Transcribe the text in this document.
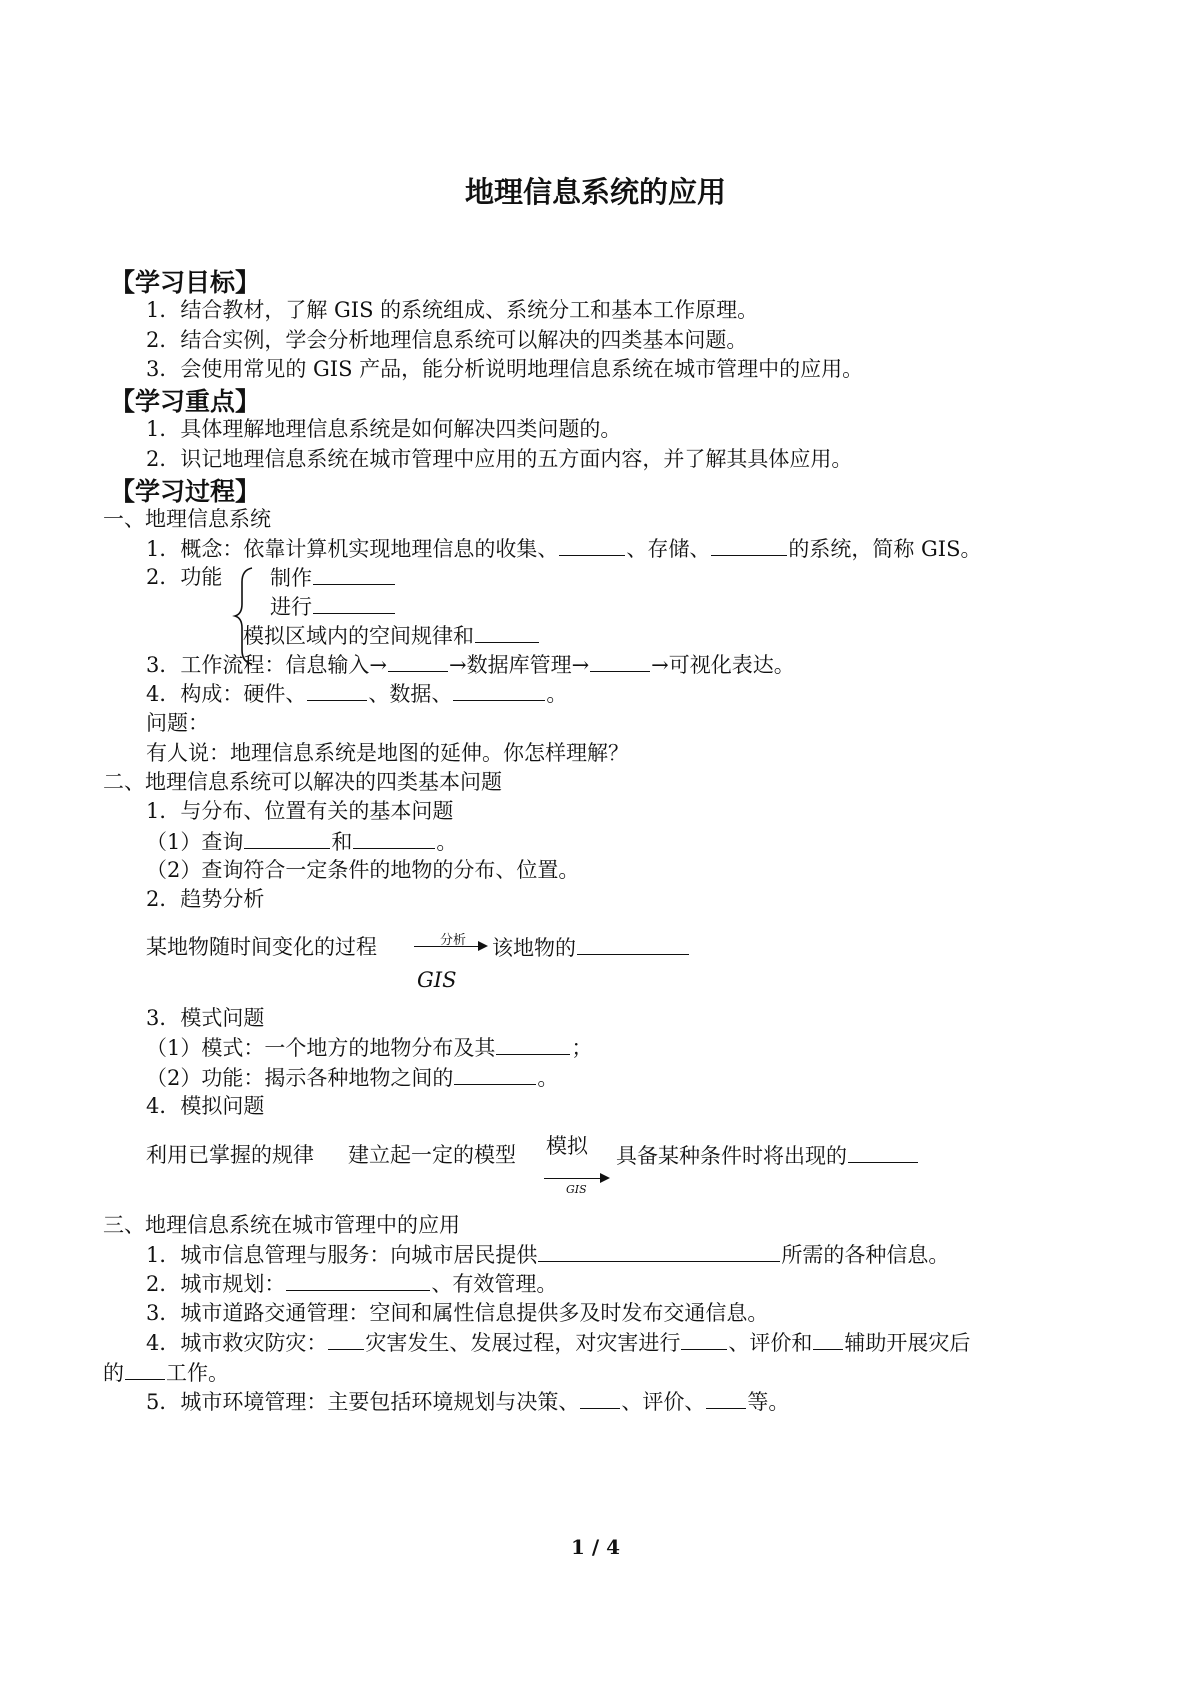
地理信息系统的应用
【学习目标】
1．结合教材，了解 GIS 的系统组成、系统分工和基本工作原理。
2．结合实例，学会分析地理信息系统可以解决的四类基本问题。
3．会使用常见的 GIS 产品，能分析说明地理信息系统在城市管理中的应用。
【学习重点】
1．具体理解地理信息系统是如何解决四类问题的。
2．识记地理信息系统在城市管理中应用的五方面内容，并了解其具体应用。
【学习过程】
一、地理信息系统
1．概念：依靠计算机实现地理信息的收集、	、存储、	的系统，简称 GIS。
2．功能 制作
进行
模拟区域内的空间规律和
3．工作流程：信息输入→	→数据库管理→	→可视化表达。
4．构成：硬件、	、数据、	。
问题：
有人说：地理信息系统是地图的延伸。你怎样理解？
二、地理信息系统可以解决的四类基本问题
1．与分布、位置有关的基本问题
（1）查询	和	。
（2）查询符合一定条件的地物的分布、位置。
2．趋势分析
某地物随时间变化的过程	分析 该地物的
GIS
3．模式问题
（1）模式：一个地方的地物分布及其	；
（2）功能：揭示各种地物之间的	。
4．模拟问题
利用已掌握的规律 建立起一定的模型 模拟
GIS
具备某种条件时将出现的
三、地理信息系统在城市管理中的应用
1．城市信息管理与服务：向城市居民提供	所需的各种信息。
2．城市规划：	、有效管理。
3．城市道路交通管理：空间和属性信息提供多及时发布交通信息。
4．城市救灾防灾： 灾害发生、发展过程，对灾害进行 、评价和 辅助开展灾后
的 工作。
5．城市环境管理：主要包括环境规划与决策、 、评价、 等。
1 / 4
